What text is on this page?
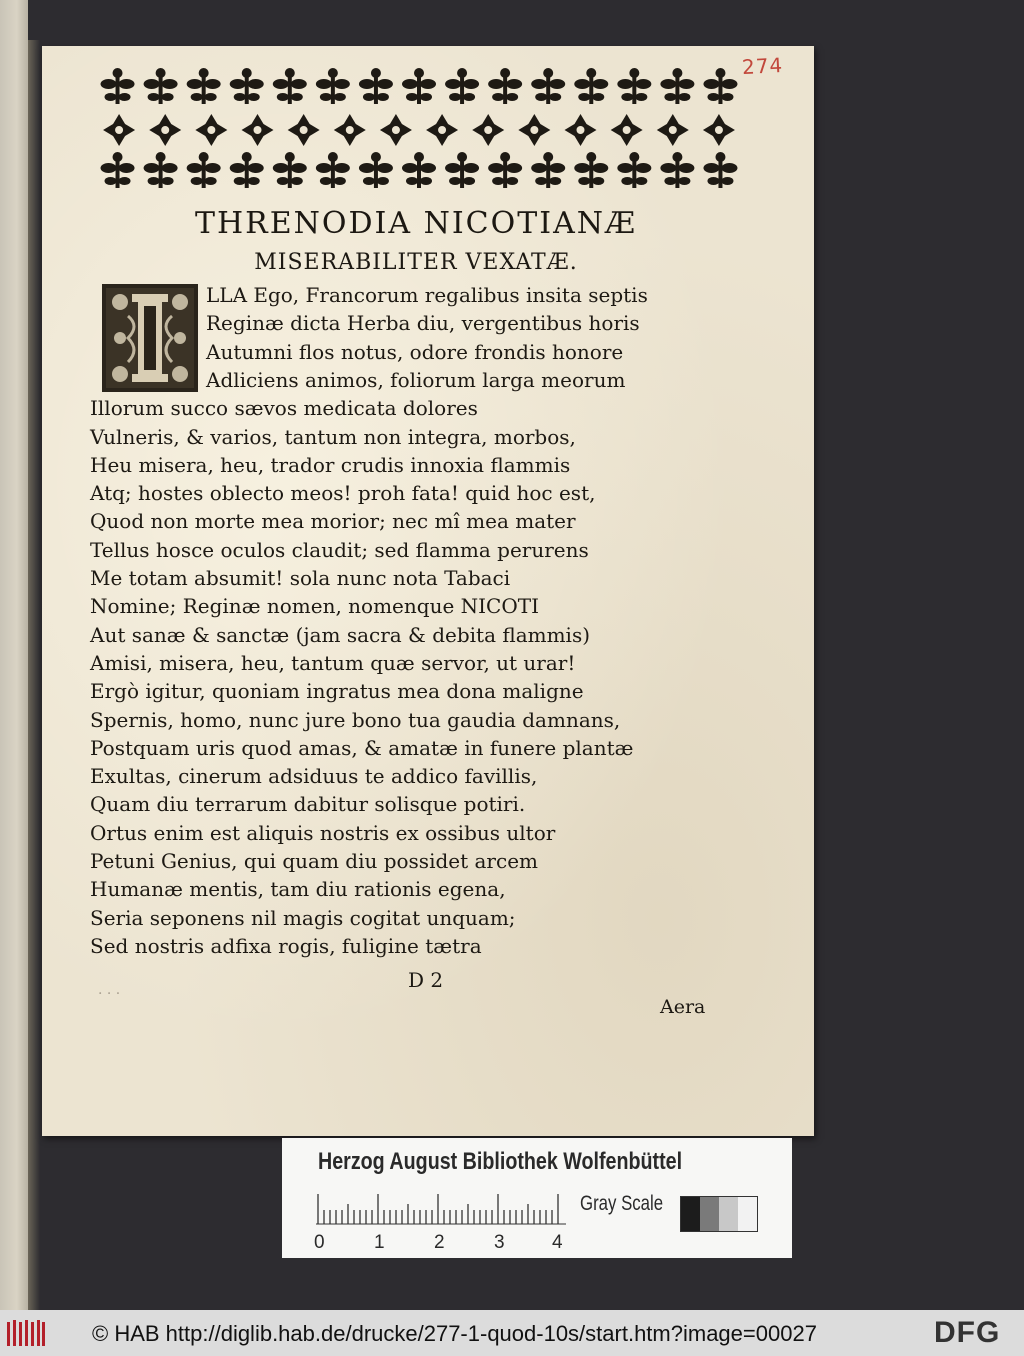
274
THRENODIA NICOTIANÆ
MISERABILITER VEXATÆ.
LLA Ego, Francorum regalibus insita septis
Reginæ dicta Herba diu, vergentibus horis
Autumni flos notus, odore frondis honore
Adliciens animos, foliorum larga meorum
Illorum succo sævos medicata dolores
Vulneris, & varios, tantum non integra, morbos,
Heu misera, heu, trador crudis innoxia flammis
Atq; hostes oblecto meos! proh fata! quid hoc est,
Quod non morte mea morior; nec mî mea mater
Tellus hosce oculos claudit; sed flamma perurens
Me totam absumit! sola nunc nota Tabaci
Nomine; Reginæ nomen, nomenque NICOTI
Aut sanæ & sanctæ (jam sacra & debita flammis)
Amisi, misera, heu, tantum quæ servor, ut urar!
Ergò igitur, quoniam ingratus mea dona maligne
Spernis, homo, nunc jure bono tua gaudia damnans,
Postquam uris quod amas, & amatæ in funere plantæ
Exultas, cinerum adsiduus te addico favillis,
Quam diu terrarum dabitur solisque potiri.
Ortus enim est aliquis nostris ex ossibus ultor
Petuni Genius, qui quam diu possidet arcem
Humanæ mentis, tam diu rationis egena,
Seria seponens nil magis cogitat unquam;
Sed nostris adfixa rogis, fuligine tætra
· · ·
D 2
Aera
Herzog August Bibliothek Wolfenbüttel
0	1	2	3 4
Gray Scale
© HAB http://diglib.hab.de/drucke/277-1-quod-10s/start.htm?image=00027	DFG
